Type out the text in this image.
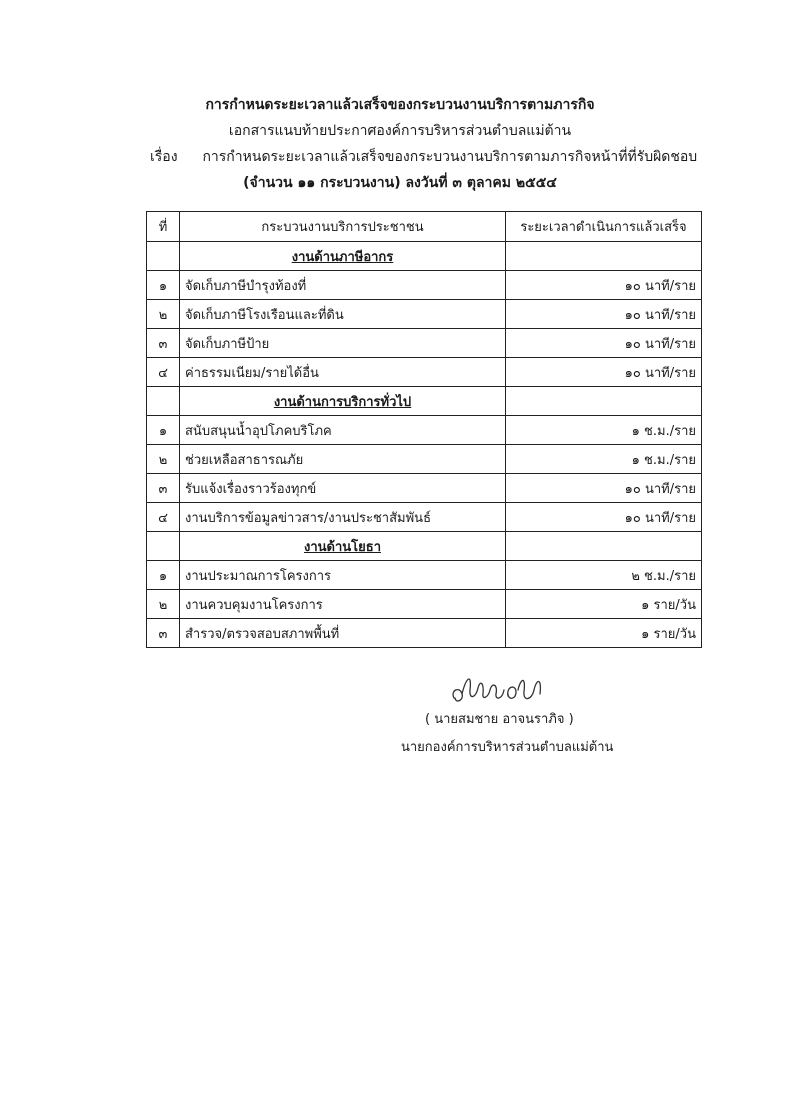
การกำหนดระยะเวลาแล้วเสร็จของกระบวนงานบริการตามภารกิจ
เอกสารแนบท้ายประกาศองค์การบริหารส่วนตำบลแม่ต้าน
เรื่อง การกำหนดระยะเวลาแล้วเสร็จของกระบวนงานบริการตามภารกิจหน้าที่ที่รับผิดชอบ
(จำนวน ๑๑ กระบวนงาน) ลงวันที่ ๓ ตุลาคม ๒๕๕๔
ที่	กระบวนงานบริการประชาชน	ระยะเวลาดำเนินการแล้วเสร็จ
	งานด้านภาษีอากร	
๑	จัดเก็บภาษีบำรุงท้องที่	๑๐ นาที/ราย
๒	จัดเก็บภาษีโรงเรือนและที่ดิน	๑๐ นาที/ราย
๓	จัดเก็บภาษีป้าย	๑๐ นาที/ราย
๔	ค่าธรรมเนียม/รายได้อื่น	๑๐ นาที/ราย
	งานด้านการบริการทั่วไป	
๑	สนับสนุนน้ำอุปโภคบริโภค	๑ ช.ม./ราย
๒	ช่วยเหลือสาธารณภัย	๑ ช.ม./ราย
๓	รับแจ้งเรื่องราวร้องทุกข์	๑๐ นาที/ราย
๔	งานบริการข้อมูลข่าวสาร/งานประชาสัมพันธ์	๑๐ นาที/ราย
	งานด้านโยธา	
๑	งานประมาณการโครงการ	๒ ช.ม./ราย
๒	งานควบคุมงานโครงการ	๑ ราย/วัน
๓	สำรวจ/ตรวจสอบสภาพพื้นที่	๑ ราย/วัน
( นายสมชาย อาจนราภิจ )
นายกองค์การบริหารส่วนตำบลแม่ต้าน
